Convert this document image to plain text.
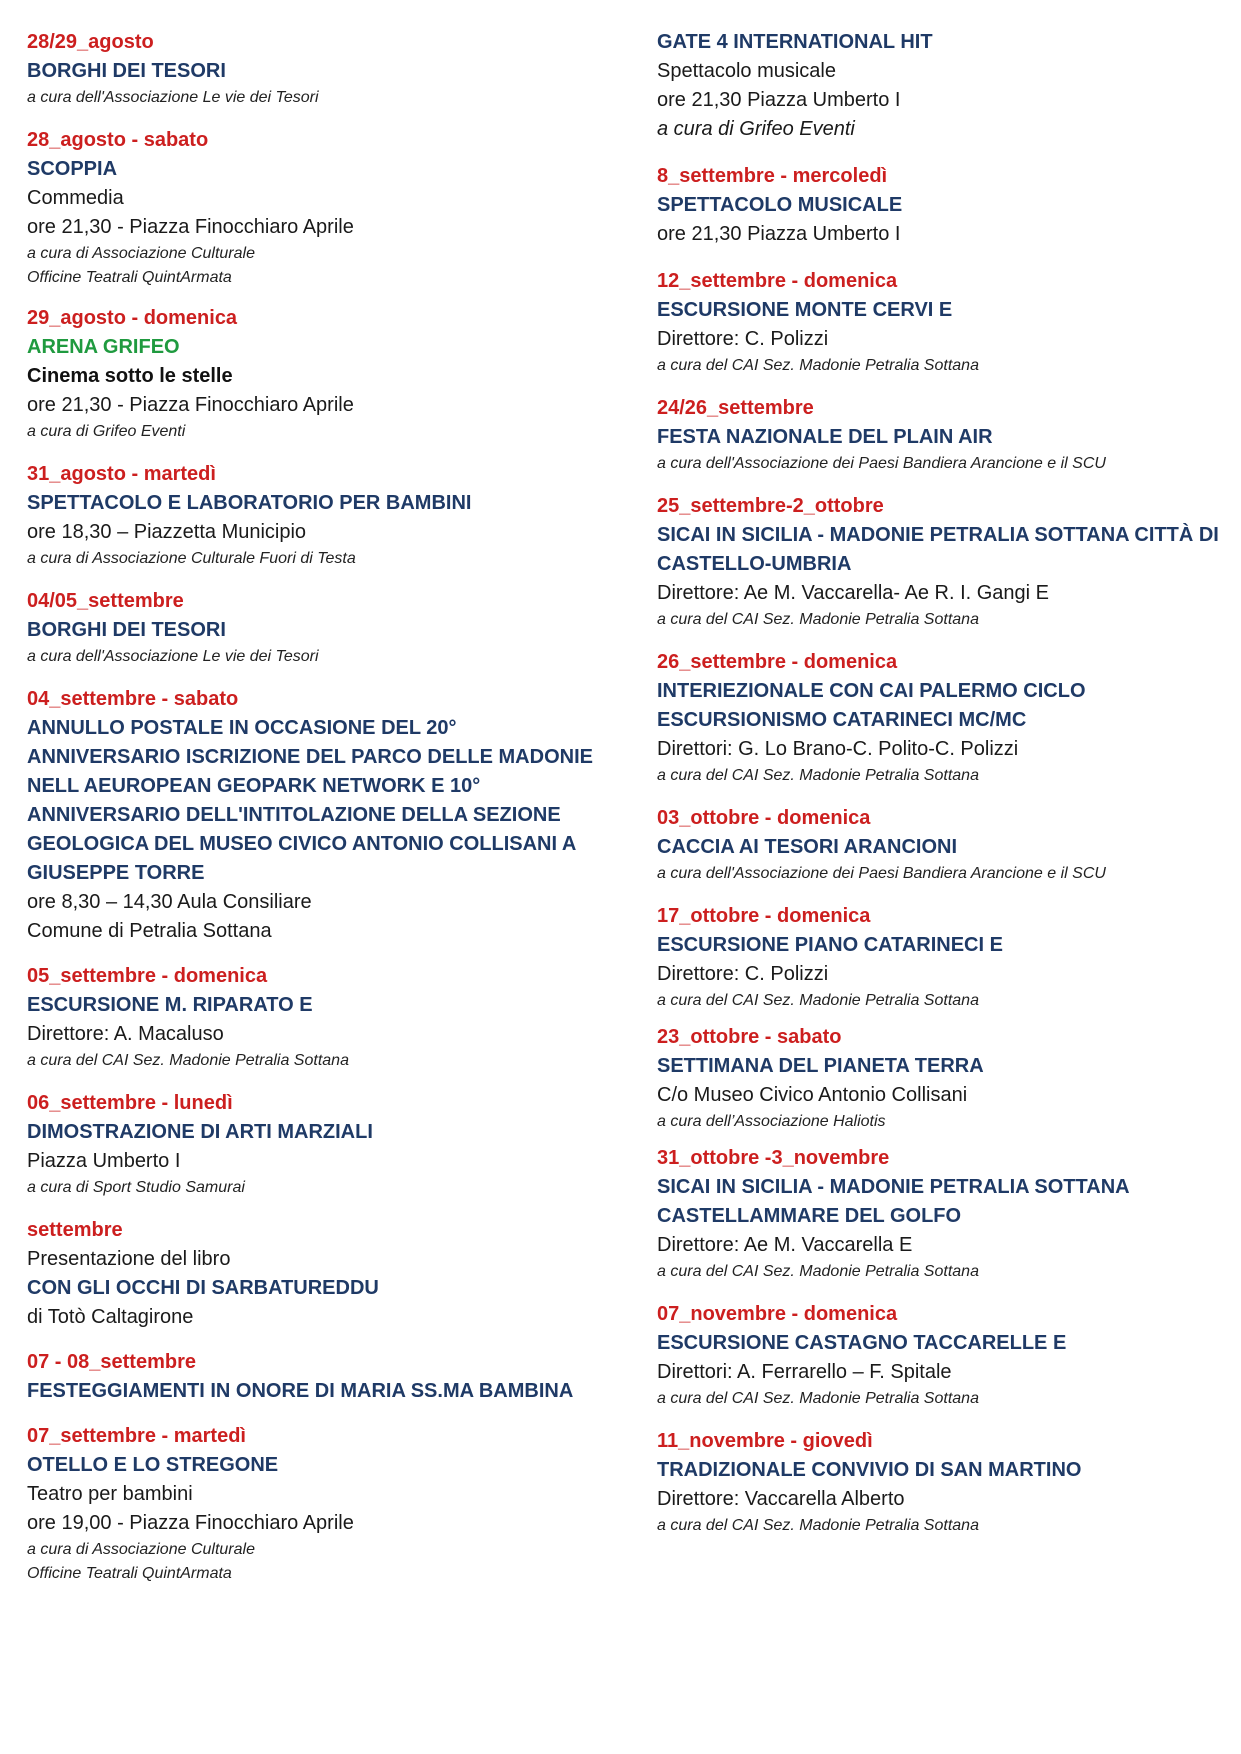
28/29_agosto
BORGHI DEI TESORI
a cura dell'Associazione Le vie dei Tesori
28_agosto - sabato
SCOPPIA
Commedia
ore 21,30 - Piazza Finocchiaro Aprile
a cura di Associazione Culturale
Officine Teatrali QuintArmata
29_agosto - domenica
ARENA GRIFEO
Cinema sotto le stelle
ore 21,30 - Piazza Finocchiaro Aprile
a cura di Grifeo Eventi
31_agosto - martedì
SPETTACOLO E LABORATORIO PER BAMBINI
ore 18,30 – Piazzetta Municipio
a cura di Associazione Culturale Fuori di Testa
04/05_settembre
BORGHI DEI TESORI
a cura dell'Associazione Le vie dei Tesori
04_settembre - sabato
ANNULLO POSTALE IN OCCASIONE DEL 20°
ANNIVERSARIO ISCRIZIONE DEL PARCO DELLE MADONIE
NELL AEUROPEAN GEOPARK NETWORK E 10°
ANNIVERSARIO DELL'INTITOLAZIONE DELLA SEZIONE
GEOLOGICA DEL MUSEO CIVICO ANTONIO COLLISANI A
GIUSEPPE TORRE
ore 8,30 – 14,30 Aula Consiliare
Comune di Petralia Sottana
05_settembre - domenica
ESCURSIONE M. RIPARATO E
Direttore: A. Macaluso
a cura del CAI Sez. Madonie Petralia Sottana
06_settembre - lunedì
DIMOSTRAZIONE DI ARTI MARZIALI
Piazza Umberto I
a cura di Sport Studio Samurai
settembre
Presentazione del libro
CON GLI OCCHI DI SARBATUREDDU
di Totò Caltagirone
07 - 08_settembre
FESTEGGIAMENTI IN ONORE DI MARIA SS.MA BAMBINA
07_settembre - martedì
OTELLO E LO STREGONE
Teatro per bambini
ore 19,00 - Piazza Finocchiaro Aprile
a cura di Associazione Culturale
Officine Teatrali QuintArmata
GATE 4 INTERNATIONAL HIT
Spettacolo musicale
ore 21,30 Piazza Umberto I
a cura di Grifeo Eventi
8_settembre - mercoledì
SPETTACOLO MUSICALE
ore 21,30 Piazza Umberto I
12_settembre - domenica
ESCURSIONE MONTE CERVI E
Direttore: C. Polizzi
a cura del CAI Sez. Madonie Petralia Sottana
24/26_settembre
FESTA NAZIONALE DEL PLAIN AIR
a cura dell'Associazione dei Paesi Bandiera Arancione e il SCU
25_settembre-2_ottobre
SICAI IN SICILIA - MADONIE PETRALIA SOTTANA CITTÀ DI
CASTELLO-UMBRIA
Direttore: Ae M. Vaccarella- Ae R. I. Gangi E
a cura del CAI Sez. Madonie Petralia Sottana
26_settembre - domenica
INTERIEZIONALE CON CAI PALERMO CICLO
ESCURSIONISMO CATARINECI MC/MC
Direttori: G. Lo Brano-C. Polito-C. Polizzi
a cura del CAI Sez. Madonie Petralia Sottana
03_ottobre - domenica
CACCIA AI TESORI ARANCIONI
a cura dell'Associazione dei Paesi Bandiera Arancione e il SCU
17_ottobre - domenica
ESCURSIONE PIANO CATARINECI E
Direttore: C. Polizzi
a cura del CAI Sez. Madonie Petralia Sottana
23_ottobre - sabato
SETTIMANA DEL PIANETA TERRA
C/o Museo Civico Antonio Collisani
a cura dell’Associazione Haliotis
31_ottobre -3_novembre
SICAI IN SICILIA - MADONIE PETRALIA SOTTANA
CASTELLAMMARE DEL GOLFO
Direttore: Ae M. Vaccarella E
a cura del CAI Sez. Madonie Petralia Sottana
07_novembre - domenica
ESCURSIONE CASTAGNO TACCARELLE E
Direttori: A. Ferrarello – F. Spitale
a cura del CAI Sez. Madonie Petralia Sottana
11_novembre - giovedì
TRADIZIONALE CONVIVIO DI SAN MARTINO
Direttore: Vaccarella Alberto
a cura del CAI Sez. Madonie Petralia Sottana
